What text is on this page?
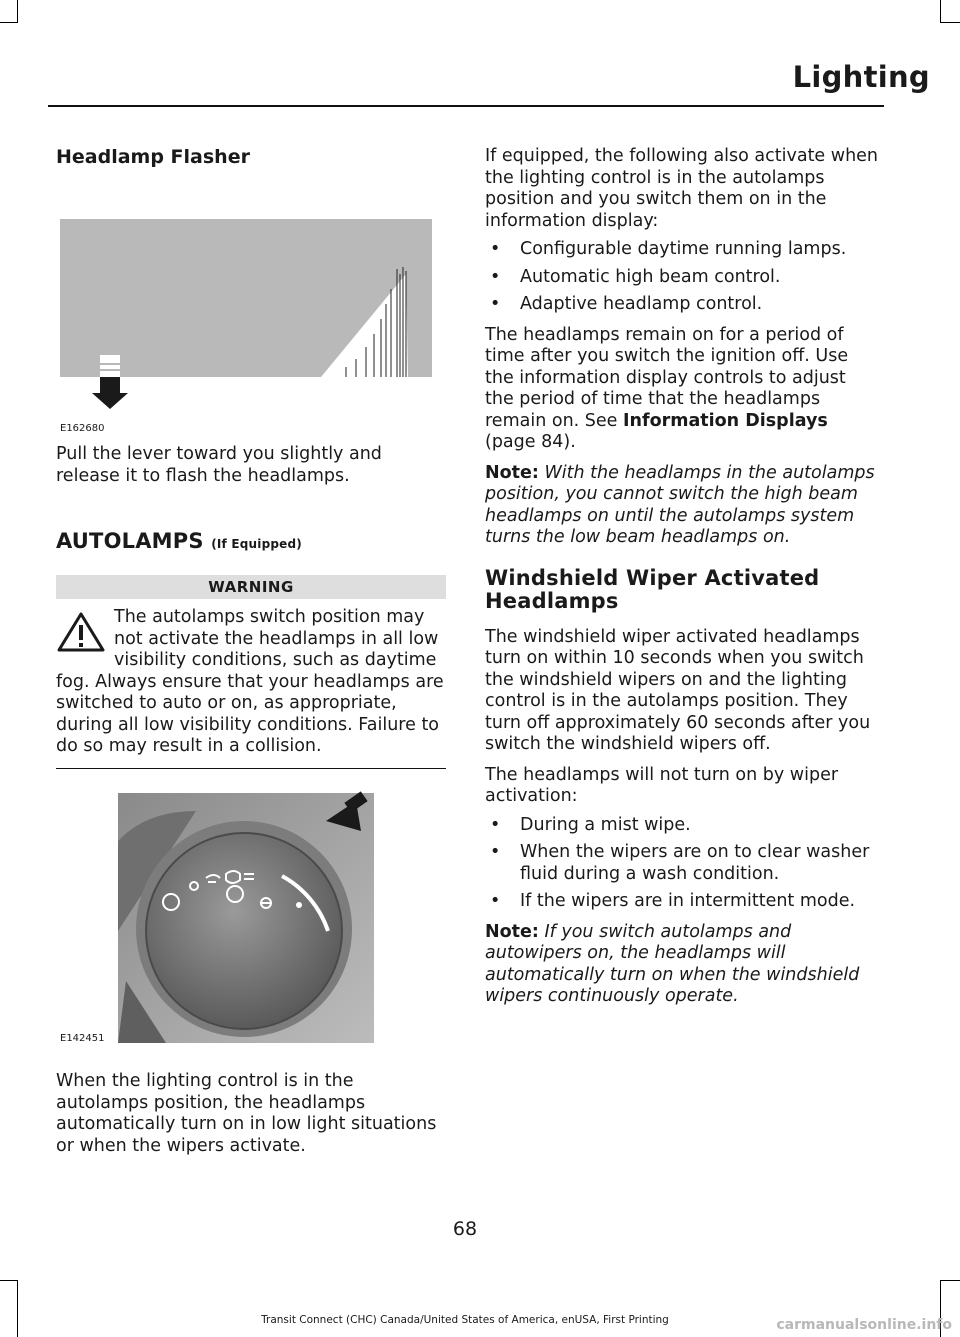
Lighting
Headlamp Flasher
E162680

Pull the lever toward you slightly and release it to flash the headlamps.

AUTOLAMPS (If Equipped)
WARNING
The autolamps switch position may not activate the headlamps in all low visibility conditions, such as daytime fog. Always ensure that your headlamps are switched to auto or on, as appropriate, during all low visibility conditions. Failure to do so may result in a collision.
E142451

When the lighting control is in the autolamps position, the headlamps automatically turn on in low light situations or when the wipers activate.

If equipped, the following also activate when the lighting control is in the autolamps position and you switch them on in the information display:

• Configurable daytime running lamps.
• Automatic high beam control.
• Adaptive headlamp control.

The headlamps remain on for a period of time after you switch the ignition off. Use the information display controls to adjust the period of time that the headlamps remain on. See Information Displays (page 84).

Note: With the headlamps in the autolamps position, you cannot switch the high beam headlamps on until the autolamps system turns the low beam headlamps on.

Windshield Wiper Activated Headlamps

The windshield wiper activated headlamps turn on within 10 seconds when you switch the windshield wipers on and the lighting control is in the autolamps position. They turn off approximately 60 seconds after you switch the windshield wipers off.

The headlamps will not turn on by wiper activation:

• During a mist wipe.
• When the wipers are on to clear washer fluid during a wash condition.
• If the wipers are in intermittent mode.

Note: If you switch autolamps and autowipers on, the headlamps will automatically turn on when the windshield wipers continuously operate.

68
Transit Connect (CHC) Canada/United States of America, enUSA, First Printing	carmanualsonline.info
